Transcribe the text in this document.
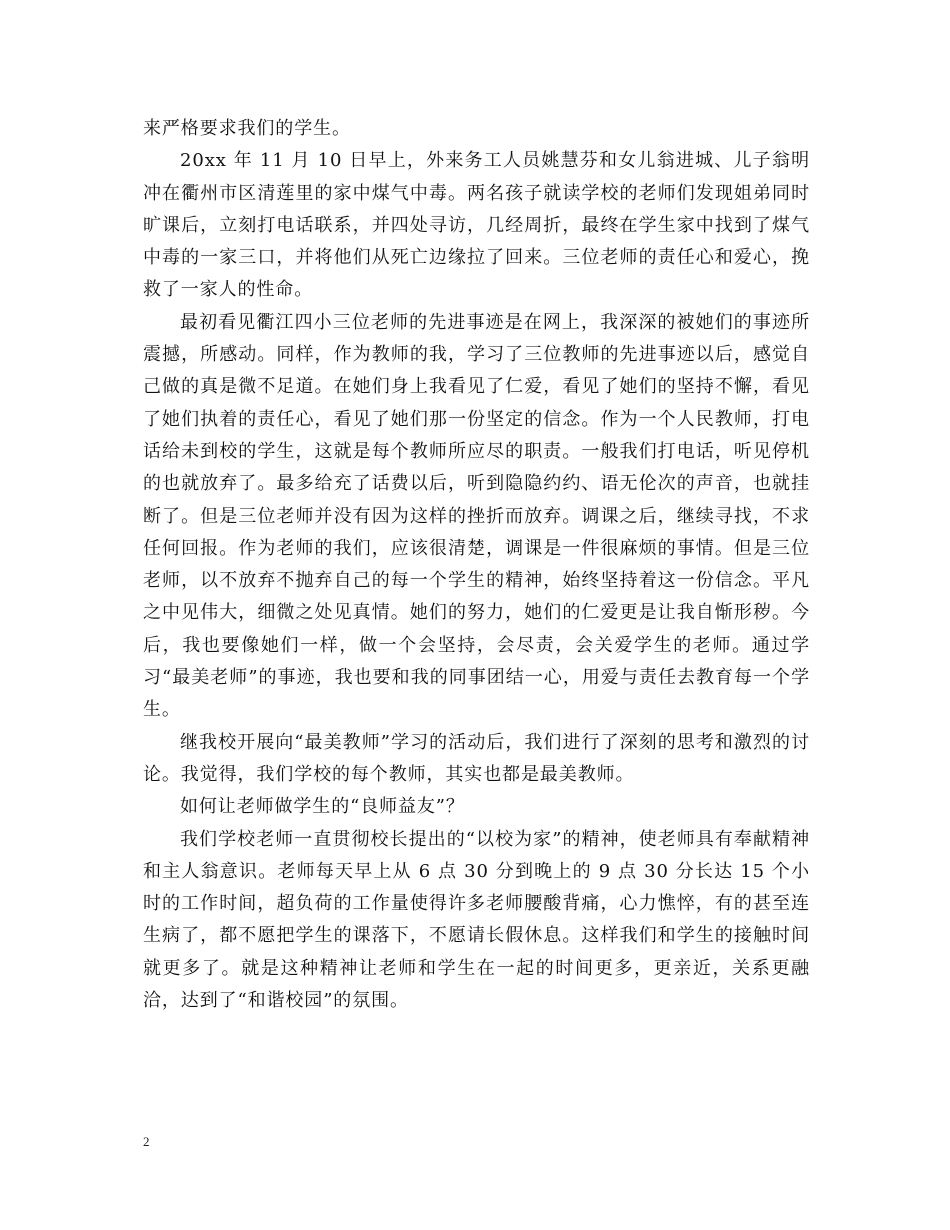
来严格要求我们的学生。

20xx 年 11 月 10 日早上，外来务工人员姚慧芬和女儿翁进城、儿子翁明冲在衢州市区清莲里的家中煤气中毒。两名孩子就读学校的老师们发现姐弟同时旷课后，立刻打电话联系，并四处寻访，几经周折，最终在学生家中找到了煤气中毒的一家三口，并将他们从死亡边缘拉了回来。三位老师的责任心和爱心，挽救了一家人的性命。

最初看见衢江四小三位老师的先进事迹是在网上，我深深的被她们的事迹所震撼，所感动。同样，作为教师的我，学习了三位教师的先进事迹以后，感觉自己做的真是微不足道。在她们身上我看见了仁爱，看见了她们的坚持不懈，看见了她们执着的责任心，看见了她们那一份坚定的信念。作为一个人民教师，打电话给未到校的学生，这就是每个教师所应尽的职责。一般我们打电话，听见停机的也就放弃了。最多给充了话费以后，听到隐隐约约、语无伦次的声音，也就挂断了。但是三位老师并没有因为这样的挫折而放弃。调课之后，继续寻找，不求任何回报。作为老师的我们，应该很清楚，调课是一件很麻烦的事情。但是三位老师，以不放弃不抛弃自己的每一个学生的精神，始终坚持着这一份信念。平凡之中见伟大，细微之处见真情。她们的努力，她们的仁爱更是让我自惭形秽。今后，我也要像她们一样，做一个会坚持，会尽责，会关爱学生的老师。通过学习“最美老师”的事迹，我也要和我的同事团结一心，用爱与责任去教育每一个学生。

继我校开展向“最美教师”学习的活动后，我们进行了深刻的思考和激烈的讨论。我觉得，我们学校的每个教师，其实也都是最美教师。

如何让老师做学生的“良师益友”？

我们学校老师一直贯彻校长提出的“以校为家”的精神，使老师具有奉献精神和主人翁意识。老师每天早上从 6 点 30 分到晚上的 9 点 30 分长达 15 个小时的工作时间，超负荷的工作量使得许多老师腰酸背痛，心力憔悴，有的甚至连生病了，都不愿把学生的课落下，不愿请长假休息。这样我们和学生的接触时间就更多了。就是这种精神让老师和学生在一起的时间更多，更亲近，关系更融洽，达到了“和谐校园”的氛围。

2
